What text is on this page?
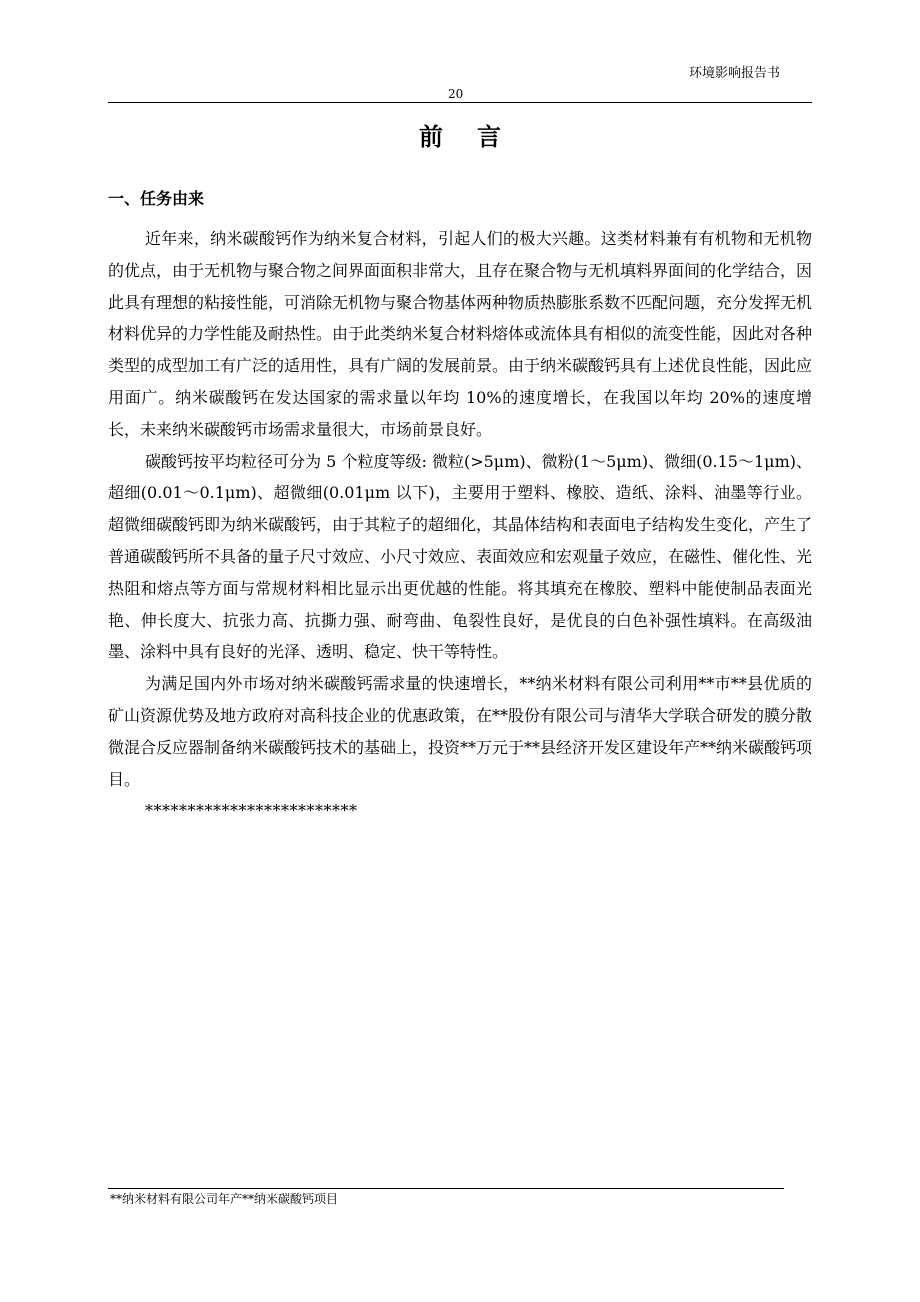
环境影响报告书
20
前言
一、任务由来

近年来，纳米碳酸钙作为纳米复合材料，引起人们的极大兴趣。这类材料兼有有机物和无机物的优点，由于无机物与聚合物之间界面面积非常大，且存在聚合物与无机填料界面间的化学结合，因此具有理想的粘接性能，可消除无机物与聚合物基体两种物质热膨胀系数不匹配问题，充分发挥无机材料优异的力学性能及耐热性。由于此类纳米复合材料熔体或流体具有相似的流变性能，因此对各种类型的成型加工有广泛的适用性，具有广阔的发展前景。由于纳米碳酸钙具有上述优良性能，因此应用面广。纳米碳酸钙在发达国家的需求量以年均 10%的速度增长，在我国以年均 20%的速度增长，未来纳米碳酸钙市场需求量很大，市场前景良好。

碳酸钙按平均粒径可分为 5 个粒度等级: 微粒(>5μm)、微粉(1～5μm)、微细(0.15～1μm)、超细(0.01～0.1μm)、超微细(0.01μm 以下)，主要用于塑料、橡胶、造纸、涂料、油墨等行业。超微细碳酸钙即为纳米碳酸钙，由于其粒子的超细化，其晶体结构和表面电子结构发生变化，产生了普通碳酸钙所不具备的量子尺寸效应、小尺寸效应、表面效应和宏观量子效应，在磁性、催化性、光热阻和熔点等方面与常规材料相比显示出更优越的性能。将其填充在橡胶、塑料中能使制品表面光艳、伸长度大、抗张力高、抗撕力强、耐弯曲、龟裂性良好，是优良的白色补强性填料。在高级油墨、涂料中具有良好的光泽、透明、稳定、快干等特性。

为满足国内外市场对纳米碳酸钙需求量的快速增长，**纳米材料有限公司利用**市**县优质的矿山资源优势及地方政府对高科技企业的优惠政策，在**股份有限公司与清华大学联合研发的膜分散微混合反应器制备纳米碳酸钙技术的基础上，投资**万元于**县经济开发区建设年产**纳米碳酸钙项目。

*************************

**纳米材料有限公司年产**纳米碳酸钙项目
